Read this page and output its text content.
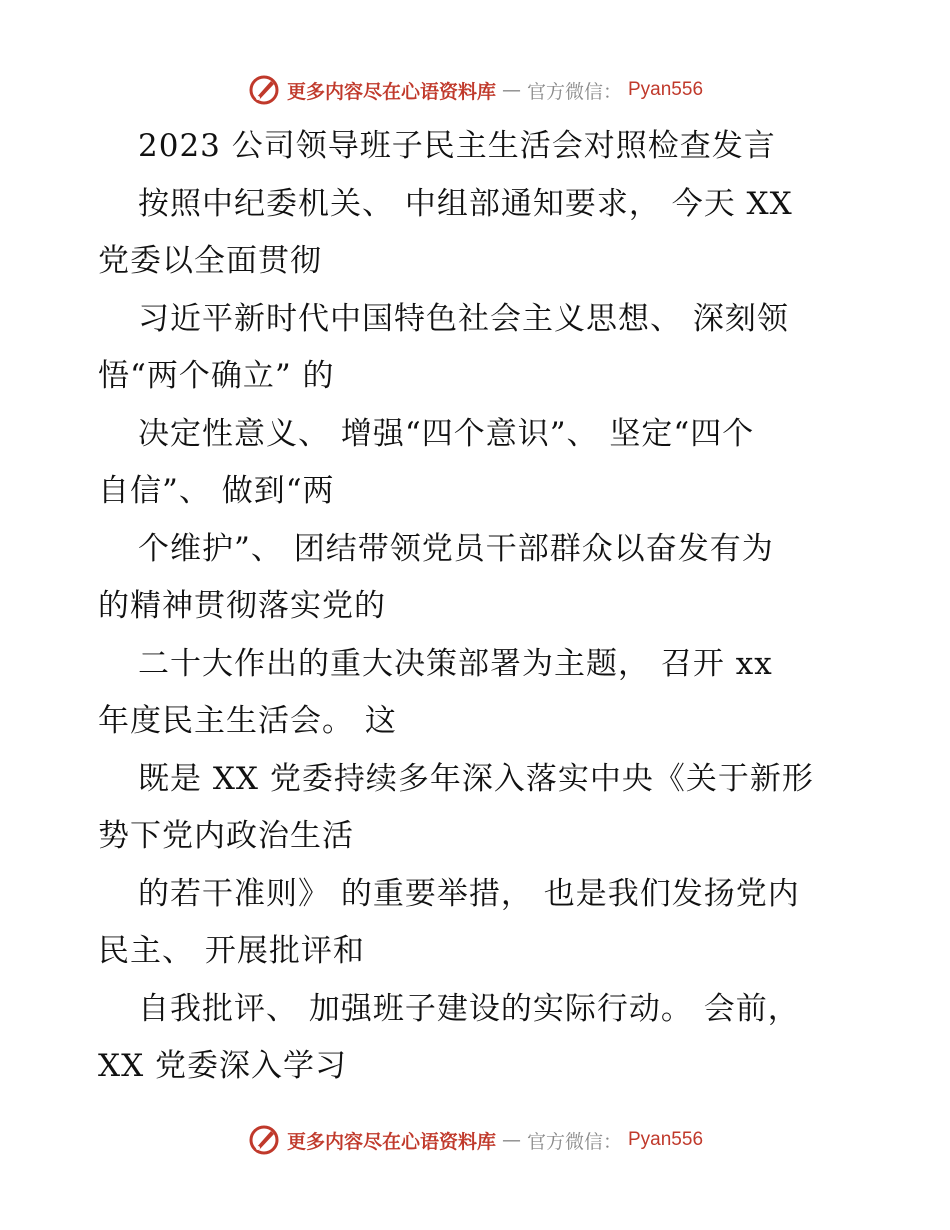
更多内容尽在心语资料库 — 官方微信： Pyan556
2023 公司领导班子民主生活会对照检查发言
按照中纪委机关、 中组部通知要求， 今天 XX
党委以全面贯彻
习近平新时代中国特色社会主义思想、 深刻领
悟“两个确立” 的
决定性意义、 增强“四个意识”、 坚定“四个
自信”、 做到“两
个维护”、 团结带领党员干部群众以奋发有为
的精神贯彻落实党的
二十大作出的重大决策部署为主题， 召开 xx
年度民主生活会。 这
既是 XX 党委持续多年深入落实中央《关于新形
势下党内政治生活
的若干准则》 的重要举措， 也是我们发扬党内
民主、 开展批评和
自我批评、 加强班子建设的实际行动。 会前，
XX 党委深入学习
更多内容尽在心语资料库 — 官方微信： Pyan556
